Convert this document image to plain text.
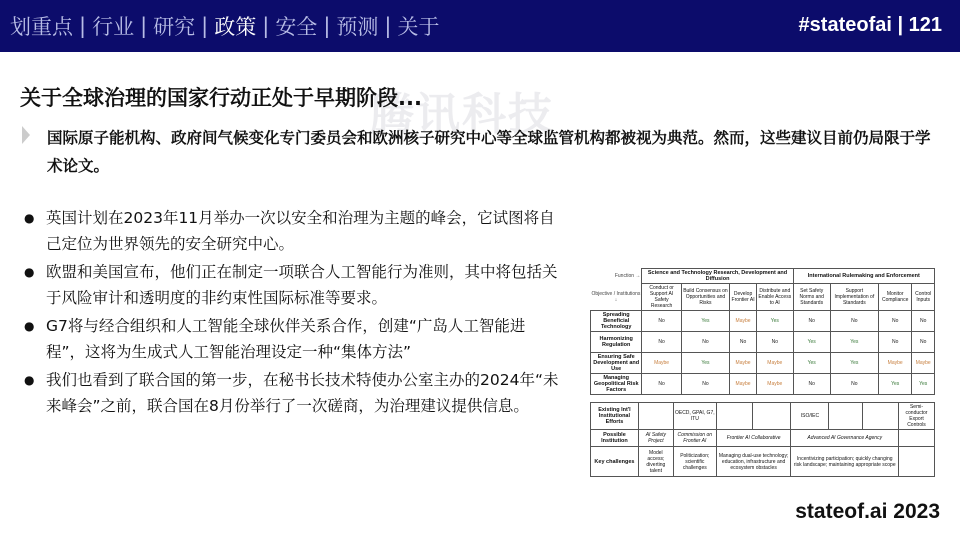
划重点 | 行业 | 研究 | 政策 | 安全 | 预测 | 关于	#stateofai | 121
腾讯科技
关于全球治理的国家行动正处于早期阶段...

国际原子能机构、政府间气候变化专门委员会和欧洲核子研究中心等全球监管机构都被视为典范。然而，这些建议目前仍局限于学术论文。

● 英国计划在2023年11月举办一次以安全和治理为主题的峰会，它试图将自己定位为世界领先的安全研究中心。
● 欧盟和美国宣布，他们正在制定一项联合人工智能行为准则，其中将包括关于风险审计和透明度的非约束性国际标准等要求。
● G7将与经合组织和人工智能全球伙伴关系合作，创建“广岛人工智能进程”，这将为生成式人工智能治理设定一种“集体方法”
● 我们也看到了联合国的第一步，在秘书长技术特使办公室主办的2024年“未来峰会”之前，联合国在8月份举行了一次磋商，为治理建议提供信息。
Function →	Science and Technology Research, Development and Diffusion				International Rulemaking and Enforcement			
Objective / Institutions ↓	Conduct or Support AI Safety Research	Build Consensus on Opportunities and Risks	Develop Frontier AI	Distribute and Enable Access to AI	Set Safety Norms and Standards	Support Implementation of Standards	Monitor Compliance	Control Inputs
Spreading Beneficial Technology	No	Yes	Maybe	Yes	No	No	No	No
Harmonizing Regulation	No	No	No	No	Yes	Yes	No	No
Ensuring Safe Development and Use	Maybe	Yes	Maybe	Maybe	Yes	Yes	Maybe	Maybe
Managing Geopolitical Risk Factors	No	No	Maybe	Maybe	No	No	Yes	Yes
Existing Int'l Institutional Efforts		OECD, GPAI, G7, ITU			ISO/IEC			Semi-conductor Export Controls
Possible Institution	AI Safety Project	Commission on Frontier AI	Frontier AI Collaborative		Advanced AI Governance Agency			
Key challenges	Model access; diverting talent	Politicization; scientific challenges	Managing dual-use technology; education, infrastructure and ecosystem obstacles		Incentivizing participation; quickly changing risk landscape; maintaining appropriate scope			
stateof.ai 2023
